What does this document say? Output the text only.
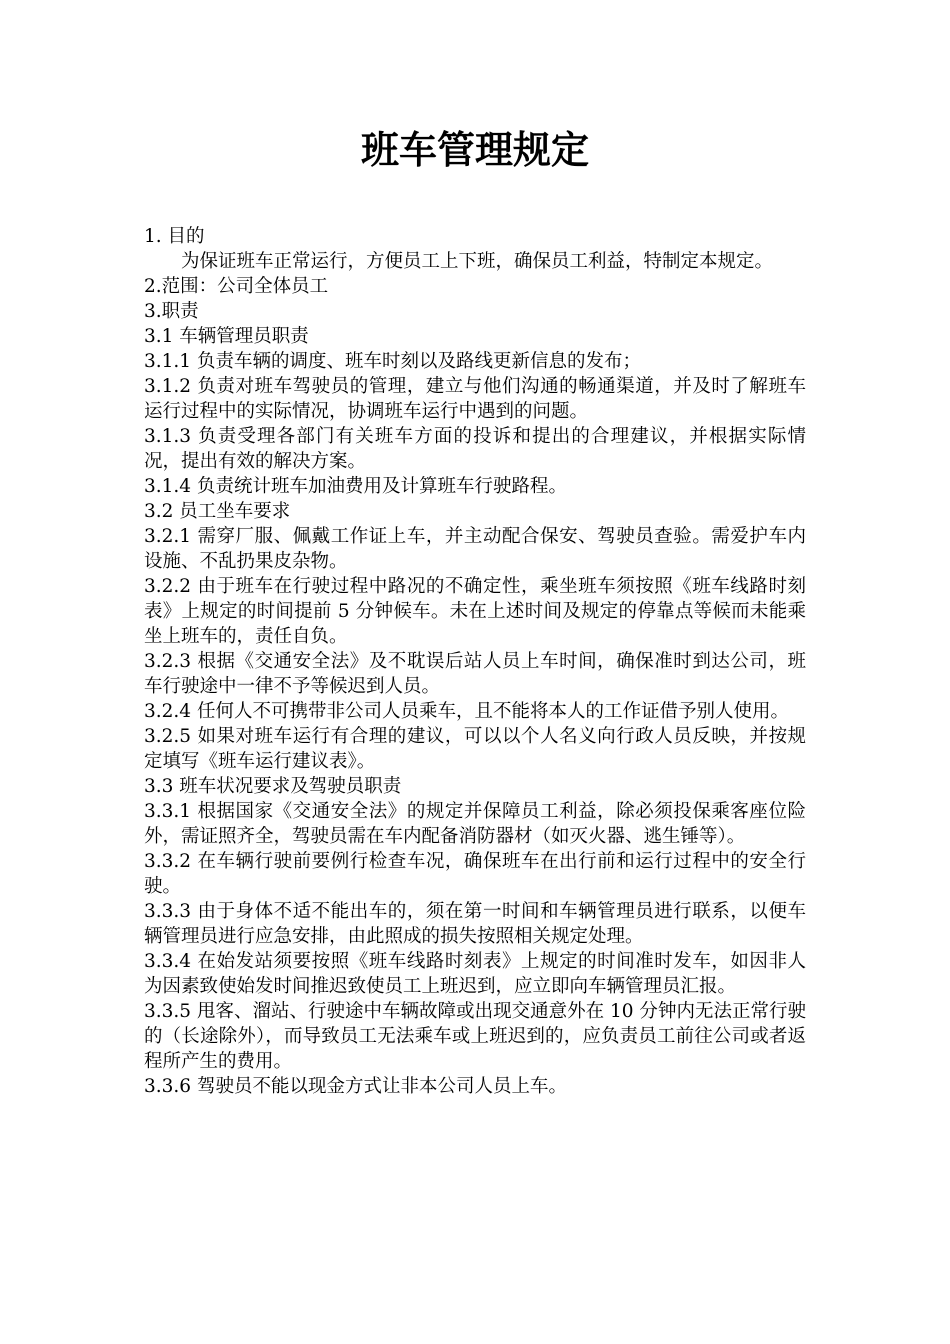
班车管理规定

1. 目的

为保证班车正常运行，方便员工上下班，确保员工利益，特制定本规定。

2.范围：公司全体员工

3.职责

3.1 车辆管理员职责

3.1.1 负责车辆的调度、班车时刻以及路线更新信息的发布；

3.1.2 负责对班车驾驶员的管理，建立与他们沟通的畅通渠道，并及时了解班车运行过程中的实际情况，协调班车运行中遇到的问题。

3.1.3 负责受理各部门有关班车方面的投诉和提出的合理建议，并根据实际情况，提出有效的解决方案。

3.1.4 负责统计班车加油费用及计算班车行驶路程。

3.2 员工坐车要求

3.2.1 需穿厂服、佩戴工作证上车，并主动配合保安、驾驶员查验。需爱护车内设施、不乱扔果皮杂物。

3.2.2 由于班车在行驶过程中路况的不确定性，乘坐班车须按照《班车线路时刻表》上规定的时间提前 5 分钟候车。未在上述时间及规定的停靠点等候而未能乘坐上班车的，责任自负。

3.2.3 根据《交通安全法》及不耽误后站人员上车时间，确保准时到达公司，班车行驶途中一律不予等候迟到人员。

3.2.4 任何人不可携带非公司人员乘车，且不能将本人的工作证借予别人使用。

3.2.5 如果对班车运行有合理的建议，可以以个人名义向行政人员反映，并按规定填写《班车运行建议表》。

3.3 班车状况要求及驾驶员职责

3.3.1 根据国家《交通安全法》的规定并保障员工利益，除必须投保乘客座位险外，需证照齐全，驾驶员需在车内配备消防器材（如灭火器、逃生锤等）。

3.3.2 在车辆行驶前要例行检查车况，确保班车在出行前和运行过程中的安全行驶。

3.3.3 由于身体不适不能出车的，须在第一时间和车辆管理员进行联系，以便车辆管理员进行应急安排，由此照成的损失按照相关规定处理。

3.3.4 在始发站须要按照《班车线路时刻表》上规定的时间准时发车，如因非人为因素致使始发时间推迟致使员工上班迟到，应立即向车辆管理员汇报。

3.3.5 甩客、溜站、行驶途中车辆故障或出现交通意外在 10 分钟内无法正常行驶的（长途除外），而导致员工无法乘车或上班迟到的，应负责员工前往公司或者返程所产生的费用。

3.3.6 驾驶员不能以现金方式让非本公司人员上车。
